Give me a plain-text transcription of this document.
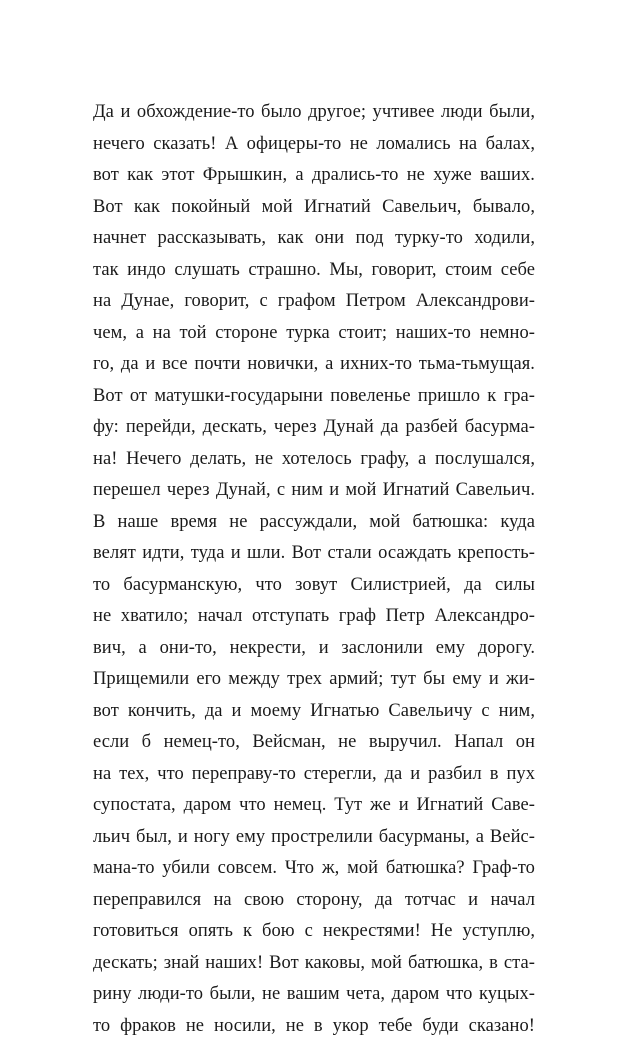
Да и обхождение-то было другое; учтивее люди были,
нечего сказать! А офицеры-то не ломались на балах,
вот как этот Фрышкин, а дрались-то не хуже ваших.
Вот как покойный мой Игнатий Савельич, бывало,
начнет рассказывать, как они под турку-то ходили,
так индо слушать страшно. Мы, говорит, стоим себе
на Дунае, говорит, с графом Петром Александрови-
чем, а на той стороне турка стоит; наших-то немно-
го, да и все почти новички, а ихних-то тьма-тьмущая.
Вот от матушки-государыни повеленье пришло к гра-
фу: перейди, дескать, через Дунай да разбей басурма-
на! Нечего делать, не хотелось графу, а послушался,
перешел через Дунай, с ним и мой Игнатий Савельич.
В наше время не рассуждали, мой батюшка: куда
велят идти, туда и шли. Вот стали осаждать крепость-
то басурманскую, что зовут Силистрией, да силы
не хватило; начал отступать граф Петр Александро-
вич, а они-то, некрести, и заслонили ему дорогу.
Прищемили его между трех армий; тут бы ему и жи-
вот кончить, да и моему Игнатью Савельичу с ним,
если б немец-то, Вейсман, не выручил. Напал он
на тех, что переправу-то стерегли, да и разбил в пух
супостата, даром что немец. Тут же и Игнатий Саве-
льич был, и ногу ему прострелили басурманы, а Вейс-
мана-то убили совсем. Что ж, мой батюшка? Граф-то
переправился на свою сторону, да тотчас и начал
готовиться опять к бою с некрестями! Не уступлю,
дескать; знай наших! Вот каковы, мой батюшка, в ста-
рину люди-то были, не вашим чета, даром что куцых-
то фраков не носили, не в укор тебе буди сказано!
